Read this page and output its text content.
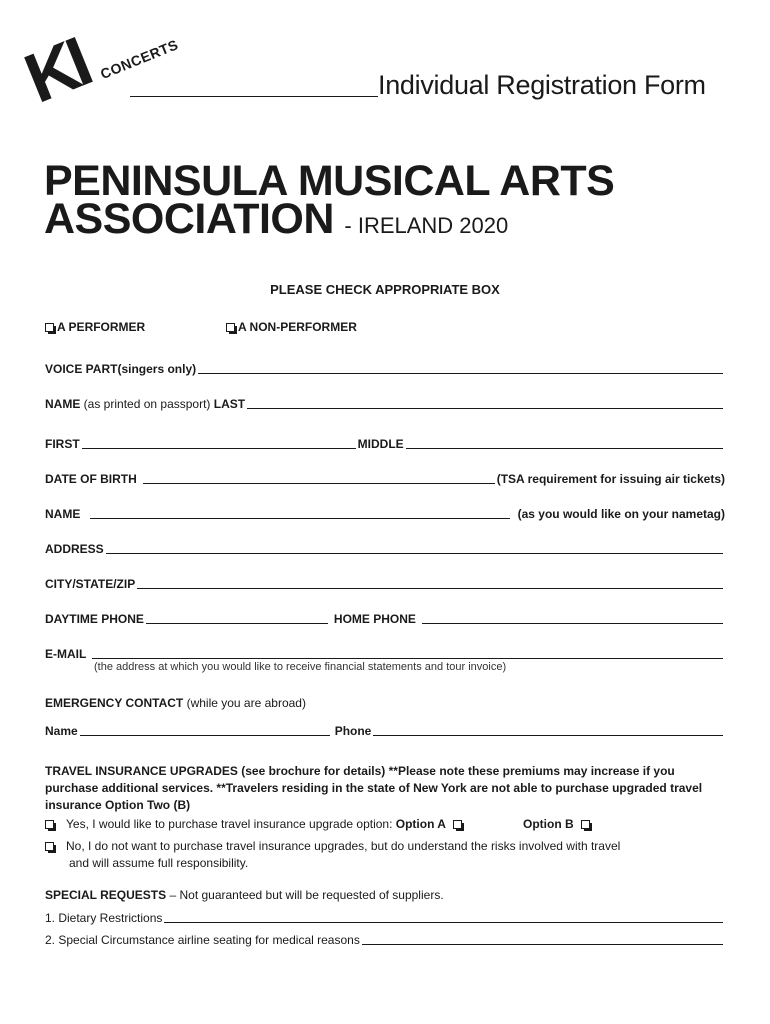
KI CONCERTS
Individual Registration Form
PENINSULA MUSICAL ARTS
ASSOCIATION - IRELAND 2020
PLEASE CHECK APPROPRIATE BOX
A PERFORMER	A NON-PERFORMER
VOICE PART (singers only)
NAME (as printed on passport) LAST
FIRST	MIDDLE
DATE OF BIRTH	(TSA requirement for issuing air tickets)
NAME	(as you would like on your nametag)
ADDRESS
CITY/STATE/ZIP
DAYTIME PHONE	HOME PHONE
E-MAIL
(the address at which you would like to receive financial statements and tour invoice)
EMERGENCY CONTACT (while you are abroad)
Name	Phone
TRAVEL INSURANCE UPGRADES (see brochure for details) **Please note these premiums may increase if you purchase additional services. **Travelers residing in the state of New York are not able to purchase upgraded travel insurance Option Two (B)
Yes, I would like to purchase travel insurance upgrade option: Option A	Option B
No, I do not want to purchase travel insurance upgrades, but do understand the risks involved with travel
and will assume full responsibility.
SPECIAL REQUESTS – Not guaranteed but will be requested of suppliers.
1. Dietary Restrictions
2. Special Circumstance airline seating for medical reasons
